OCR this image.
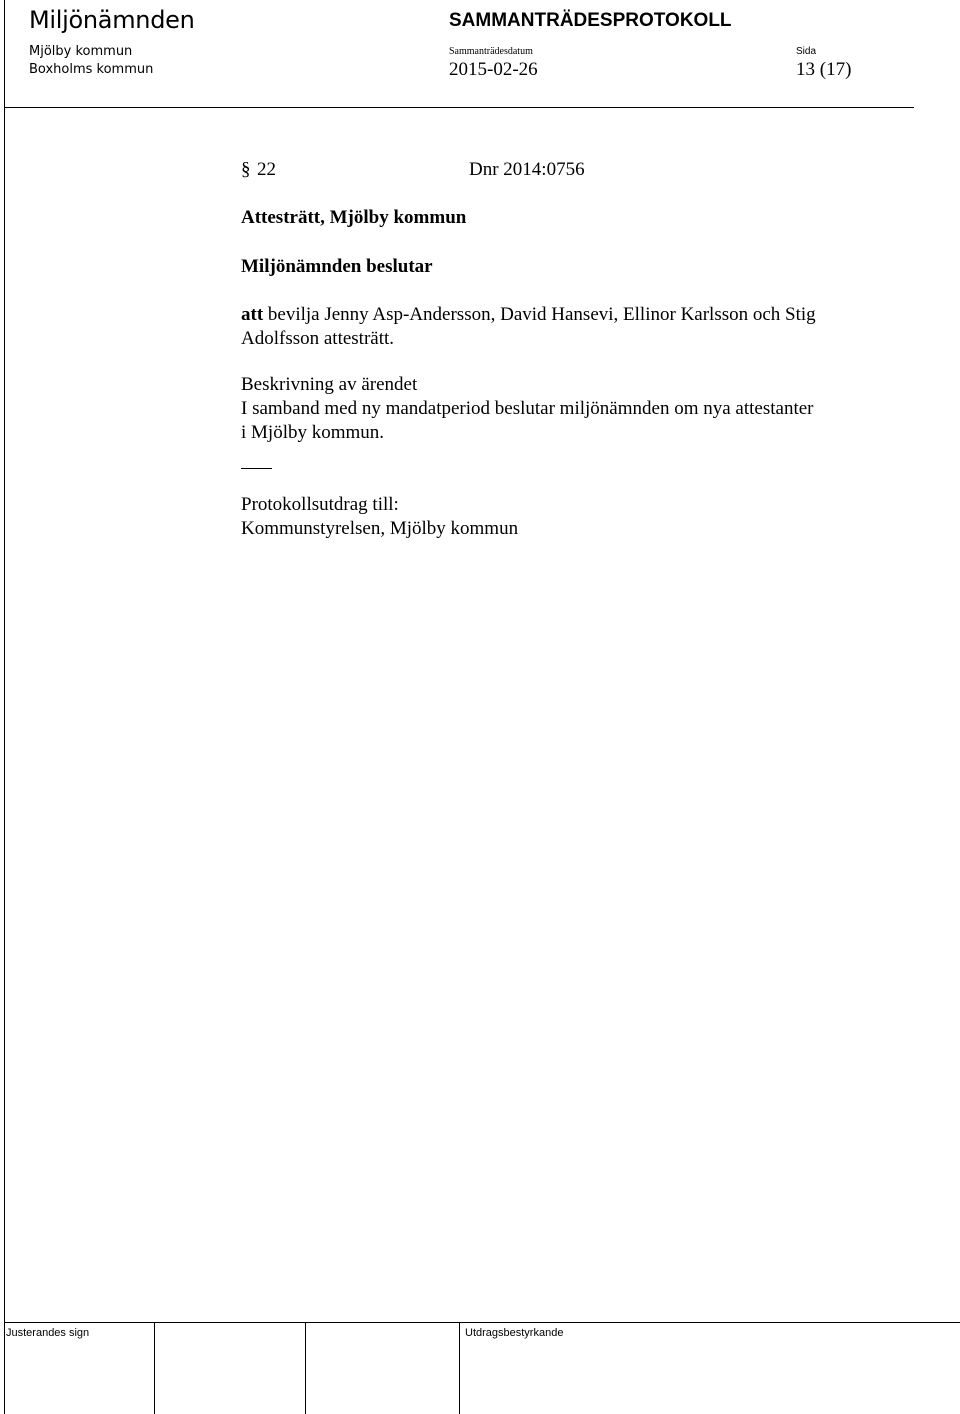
Miljönämnden
Mjölby kommun
Boxholms kommun
SAMMANTRÄDESPROTOKOLL
Sammanträdesdatum	Sida
2015-02-26	13 (17)
§ 22	Dnr 2014:0756
Attesträtt, Mjölby kommun
Miljönämnden beslutar
att bevilja Jenny Asp-Andersson, David Hansevi, Ellinor Karlsson och Stig
Adolfsson attesträtt.
Beskrivning av ärendet
I samband med ny mandatperiod beslutar miljönämnden om nya attestanter
i Mjölby kommun.
Protokollsutdrag till:
Kommunstyrelsen, Mjölby kommun
Justerandes sign	Utdragsbestyrkande
